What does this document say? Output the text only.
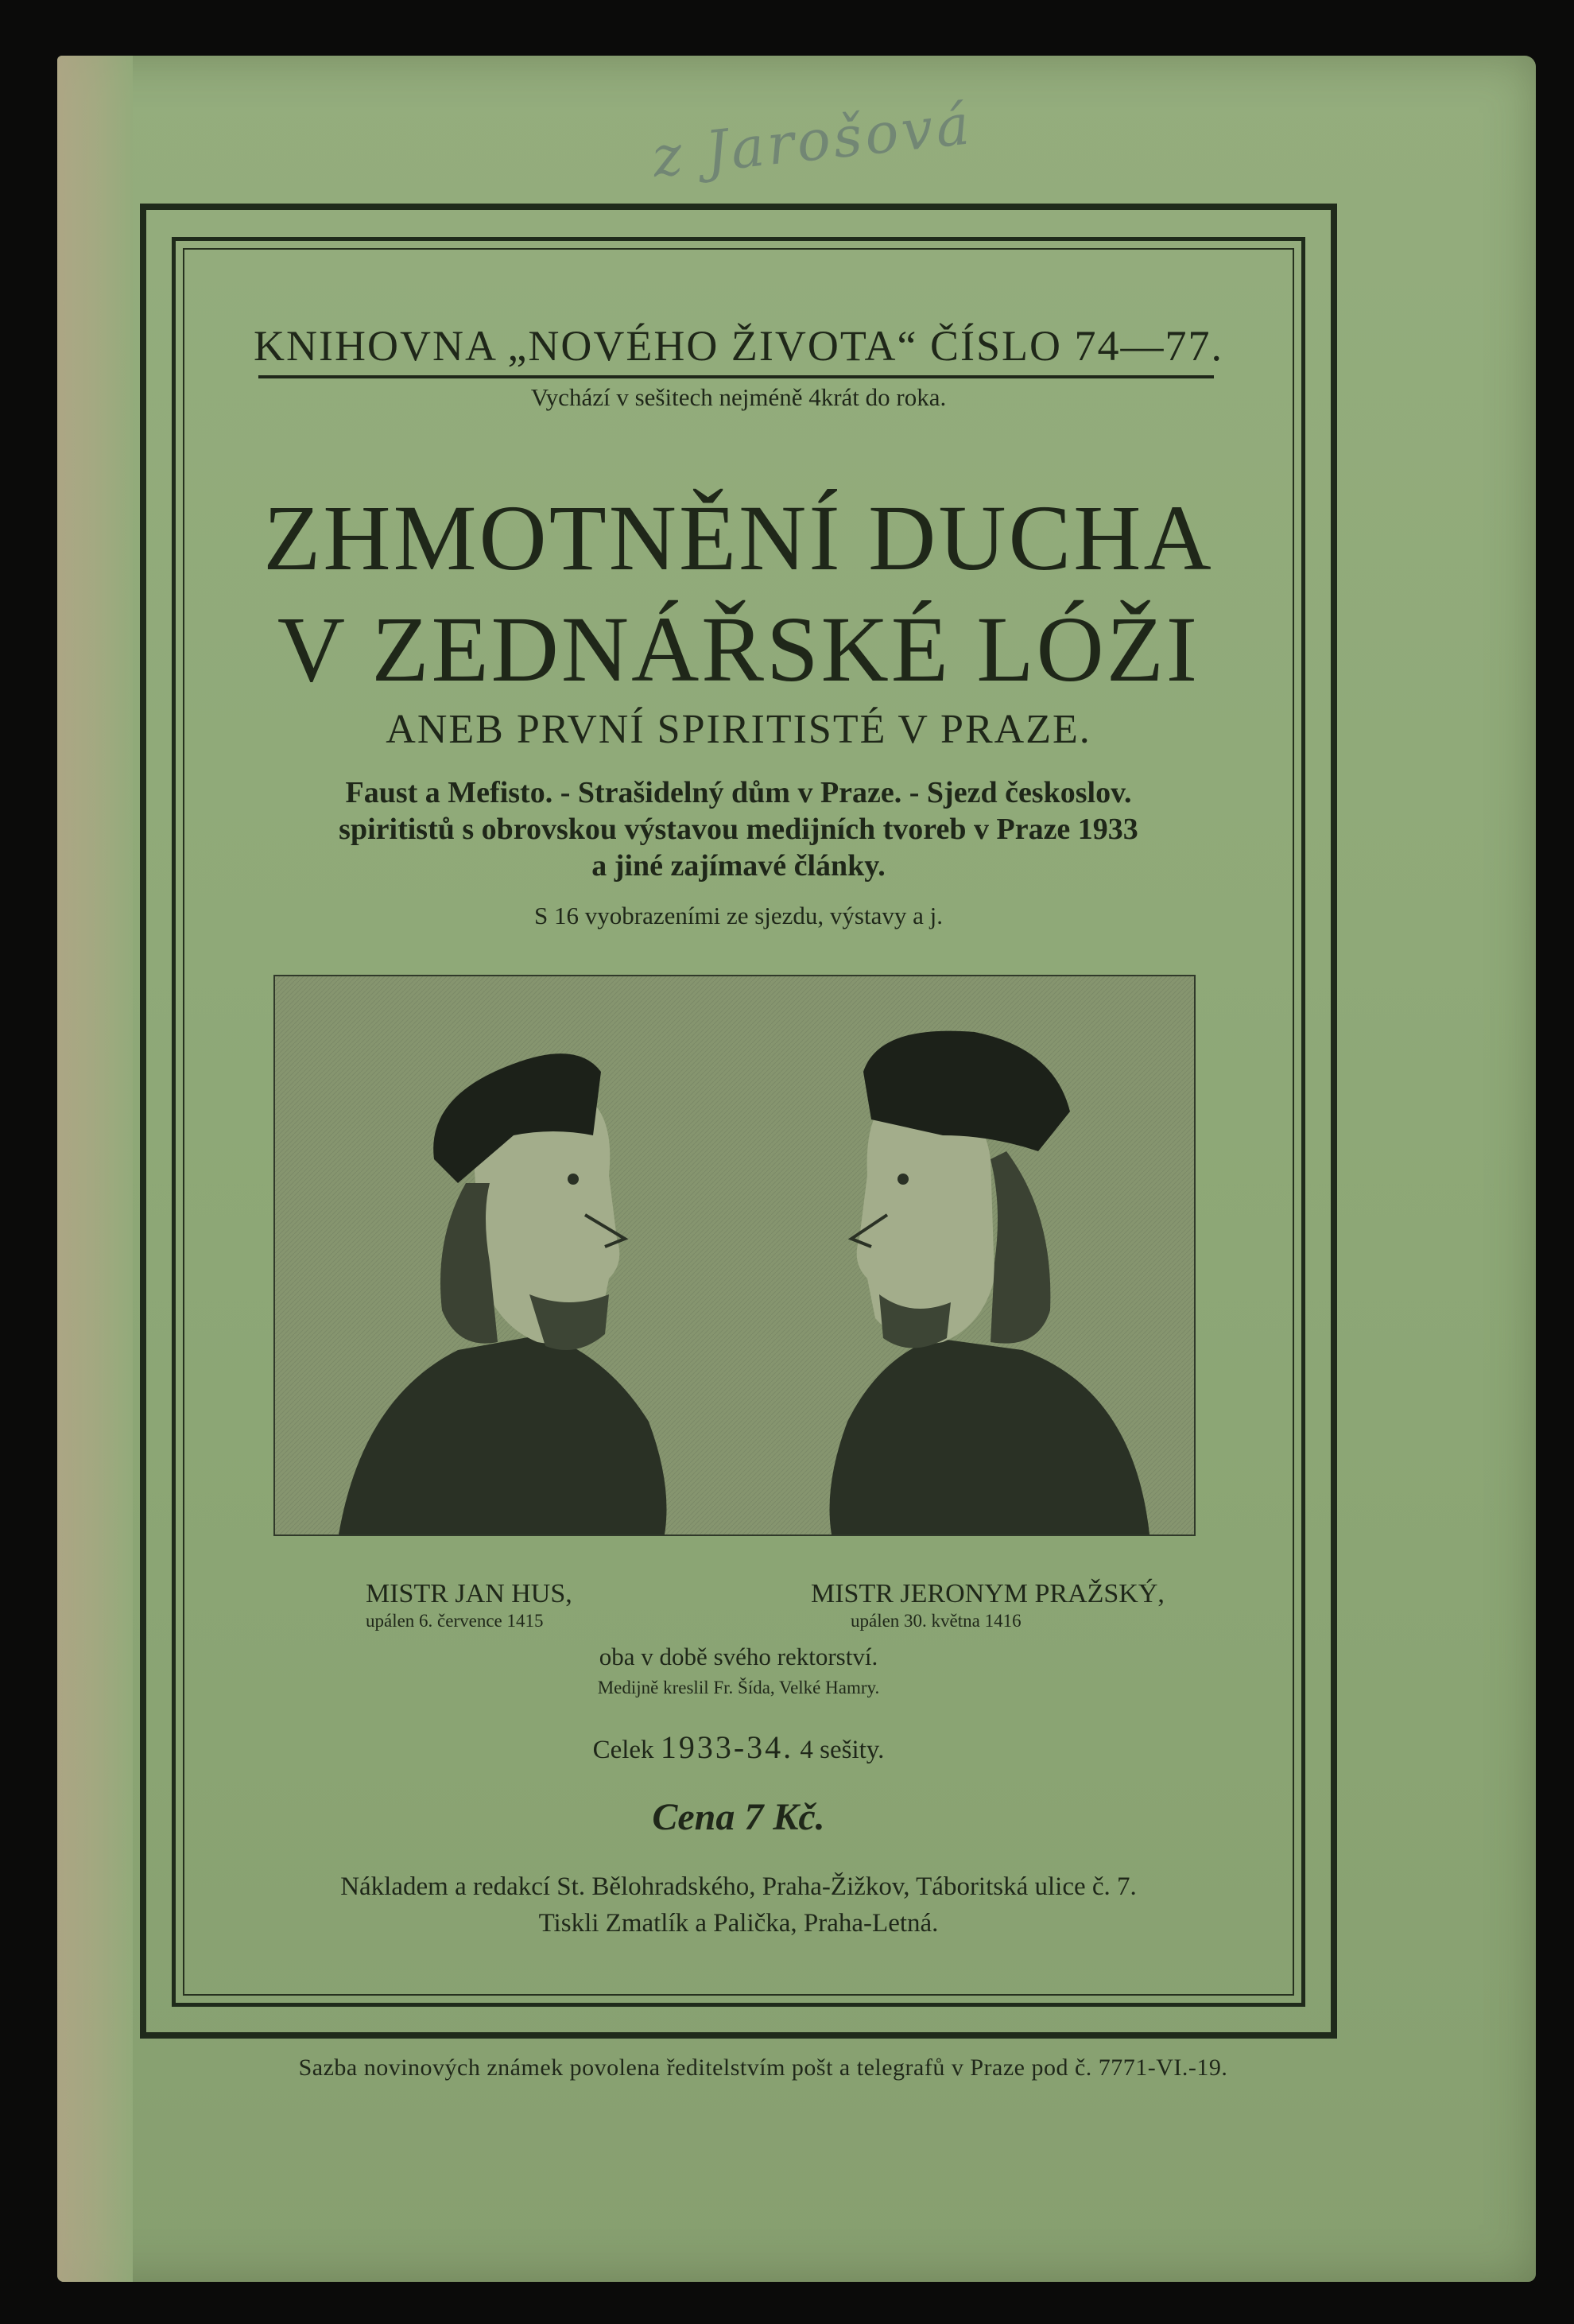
z Jarošová
KNIHOVNA „NOVÉHO ŽIVOTA“ ČÍSLO 74—77.
Vychází v sešitech nejméně 4krát do roka.
ZHMOTNĚNÍ DUCHA
V ZEDNÁŘSKÉ LÓŽI
ANEB PRVNÍ SPIRITISTÉ V PRAZE.
Faust a Mefisto. - Strašidelný dům v Praze. - Sjezd českoslov.
spiritistů s obrovskou výstavou medijních tvoreb v Praze 1933
a jiné zajímavé články.
S 16 vyobrazeními ze sjezdu, výstavy a j.
MISTR JAN HUS,	MISTR JERONYM PRAŽSKÝ,
upálen 6. července 1415	upálen 30. května 1416
oba v době svého rektorství.
Medijně kreslil Fr. Šída, Velké Hamry.
Celek 1933-34. 4 sešity.
Cena 7 Kč.
Nákladem a redakcí St. Bělohradského, Praha-Žižkov, Táboritská ulice č. 7.
Tiskli Zmatlík a Palička, Praha-Letná.
Sazba novinových známek povolena ředitelstvím pošt a telegrafů v Praze pod č. 7771-VI.-19.
